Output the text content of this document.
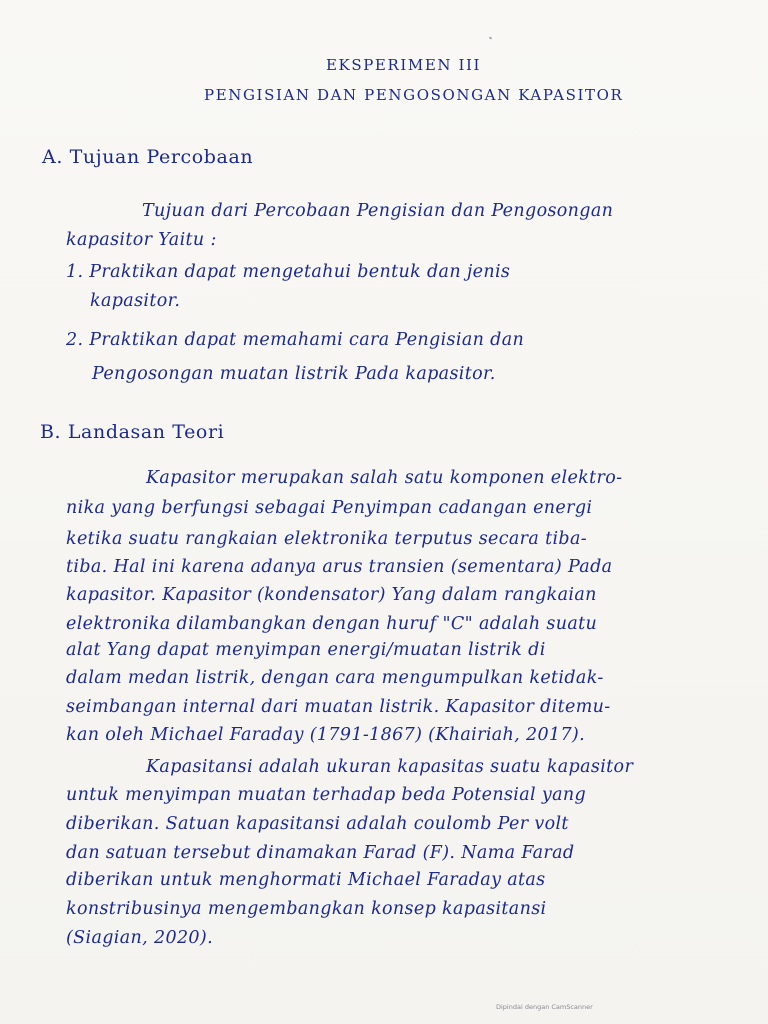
EKSPERIMEN III
PENGISIAN DAN PENGOSONGAN KAPASITOR
A. Tujuan Percobaan
Tujuan dari Percobaan Pengisian dan Pengosongan
kapasitor Yaitu :
1. Praktikan dapat mengetahui bentuk dan jenis
kapasitor.
2. Praktikan dapat memahami cara Pengisian dan
Pengosongan muatan listrik Pada kapasitor.
B. Landasan Teori
Kapasitor merupakan salah satu komponen elektro-
nika yang berfungsi sebagai Penyimpan cadangan energi
ketika suatu rangkaian elektronika terputus secara tiba-
tiba. Hal ini karena adanya arus transien (sementara) Pada
kapasitor. Kapasitor (kondensator) Yang dalam rangkaian
elektronika dilambangkan dengan huruf "C" adalah suatu
alat Yang dapat menyimpan energi/muatan listrik di
dalam medan listrik, dengan cara mengumpulkan ketidak-
seimbangan internal dari muatan listrik. Kapasitor ditemu-
kan oleh Michael Faraday (1791-1867) (Khairiah, 2017).
Kapasitansi adalah ukuran kapasitas suatu kapasitor
untuk menyimpan muatan terhadap beda Potensial yang
diberikan. Satuan kapasitansi adalah coulomb Per volt
dan satuan tersebut dinamakan Farad (F). Nama Farad
diberikan untuk menghormati Michael Faraday atas
konstribusinya mengembangkan konsep kapasitansi
(Siagian, 2020).
Dipindai dengan CamScanner
